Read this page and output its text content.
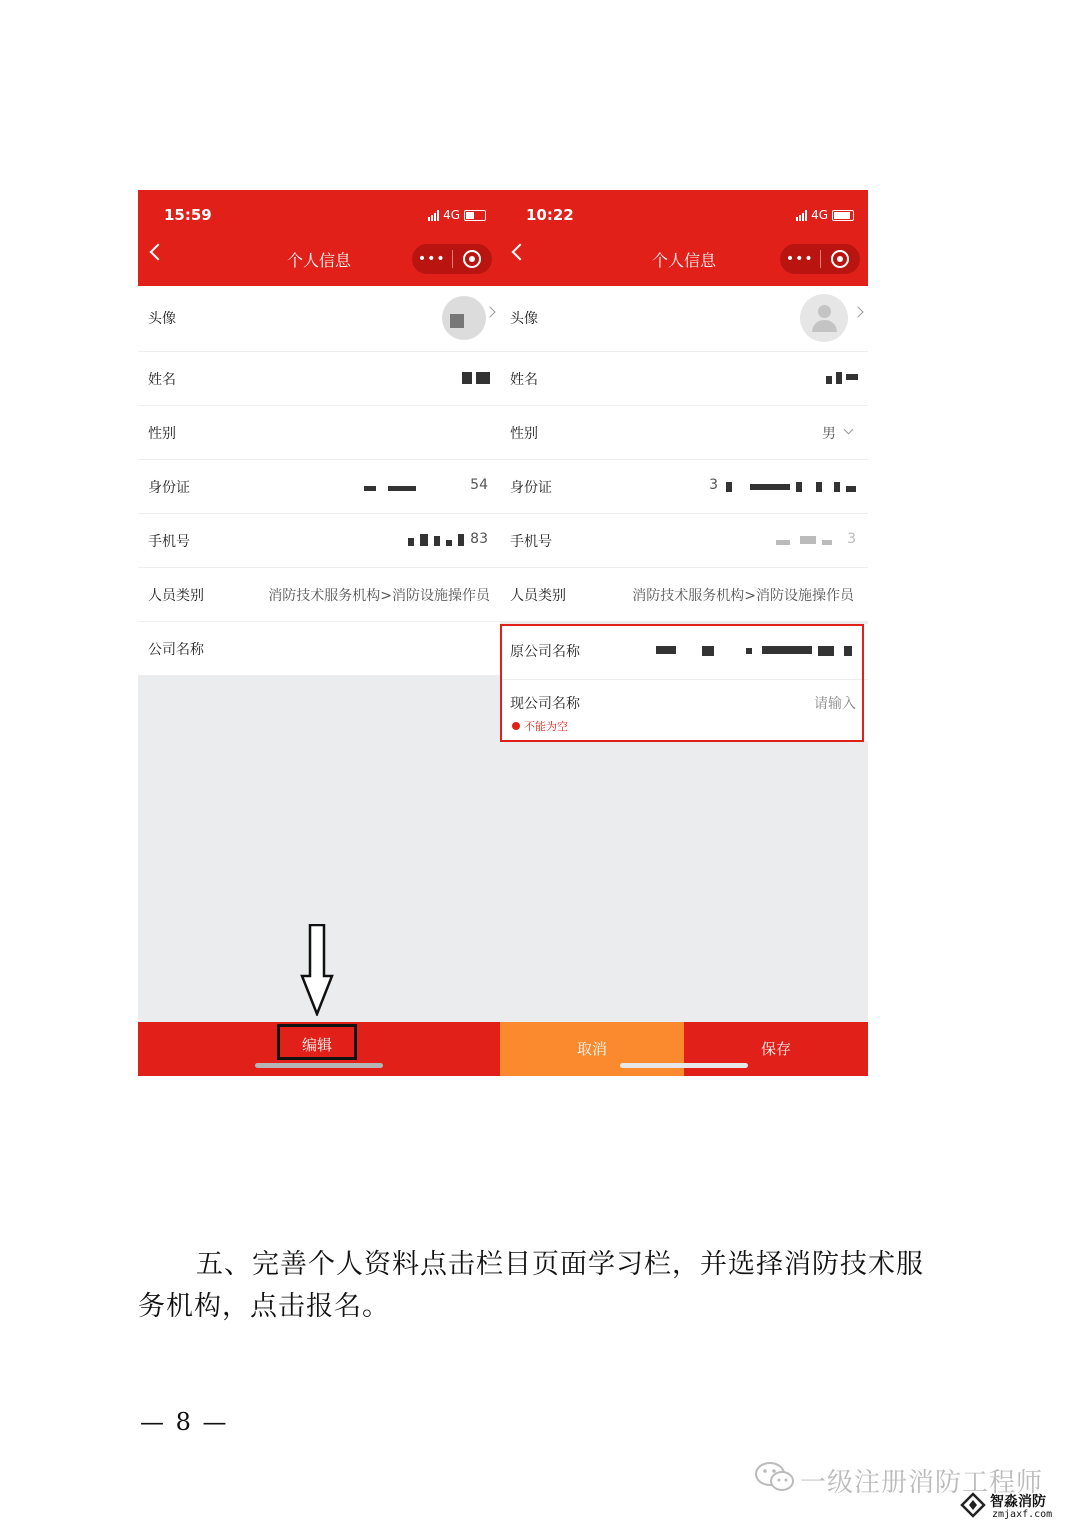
15:59	4G
个人信息	•••
头像
姓名
性别
身份证	54
手机号	83
人员类别	消防技术服务机构>消防设施操作员
公司名称
编辑
10:22	4G
个人信息	•••
头像
姓名
性别	男
身份证	3
手机号	3
人员类别	消防技术服务机构>消防设施操作员
原公司名称
现公司名称	请输入
不能为空
取消	保存
五、完善个人资料点击栏目页面学习栏，并选择消防技术服
务机构，点击报名。
— 8 —
一级注册消防工程师
智淼消防
zmjaxf.com
